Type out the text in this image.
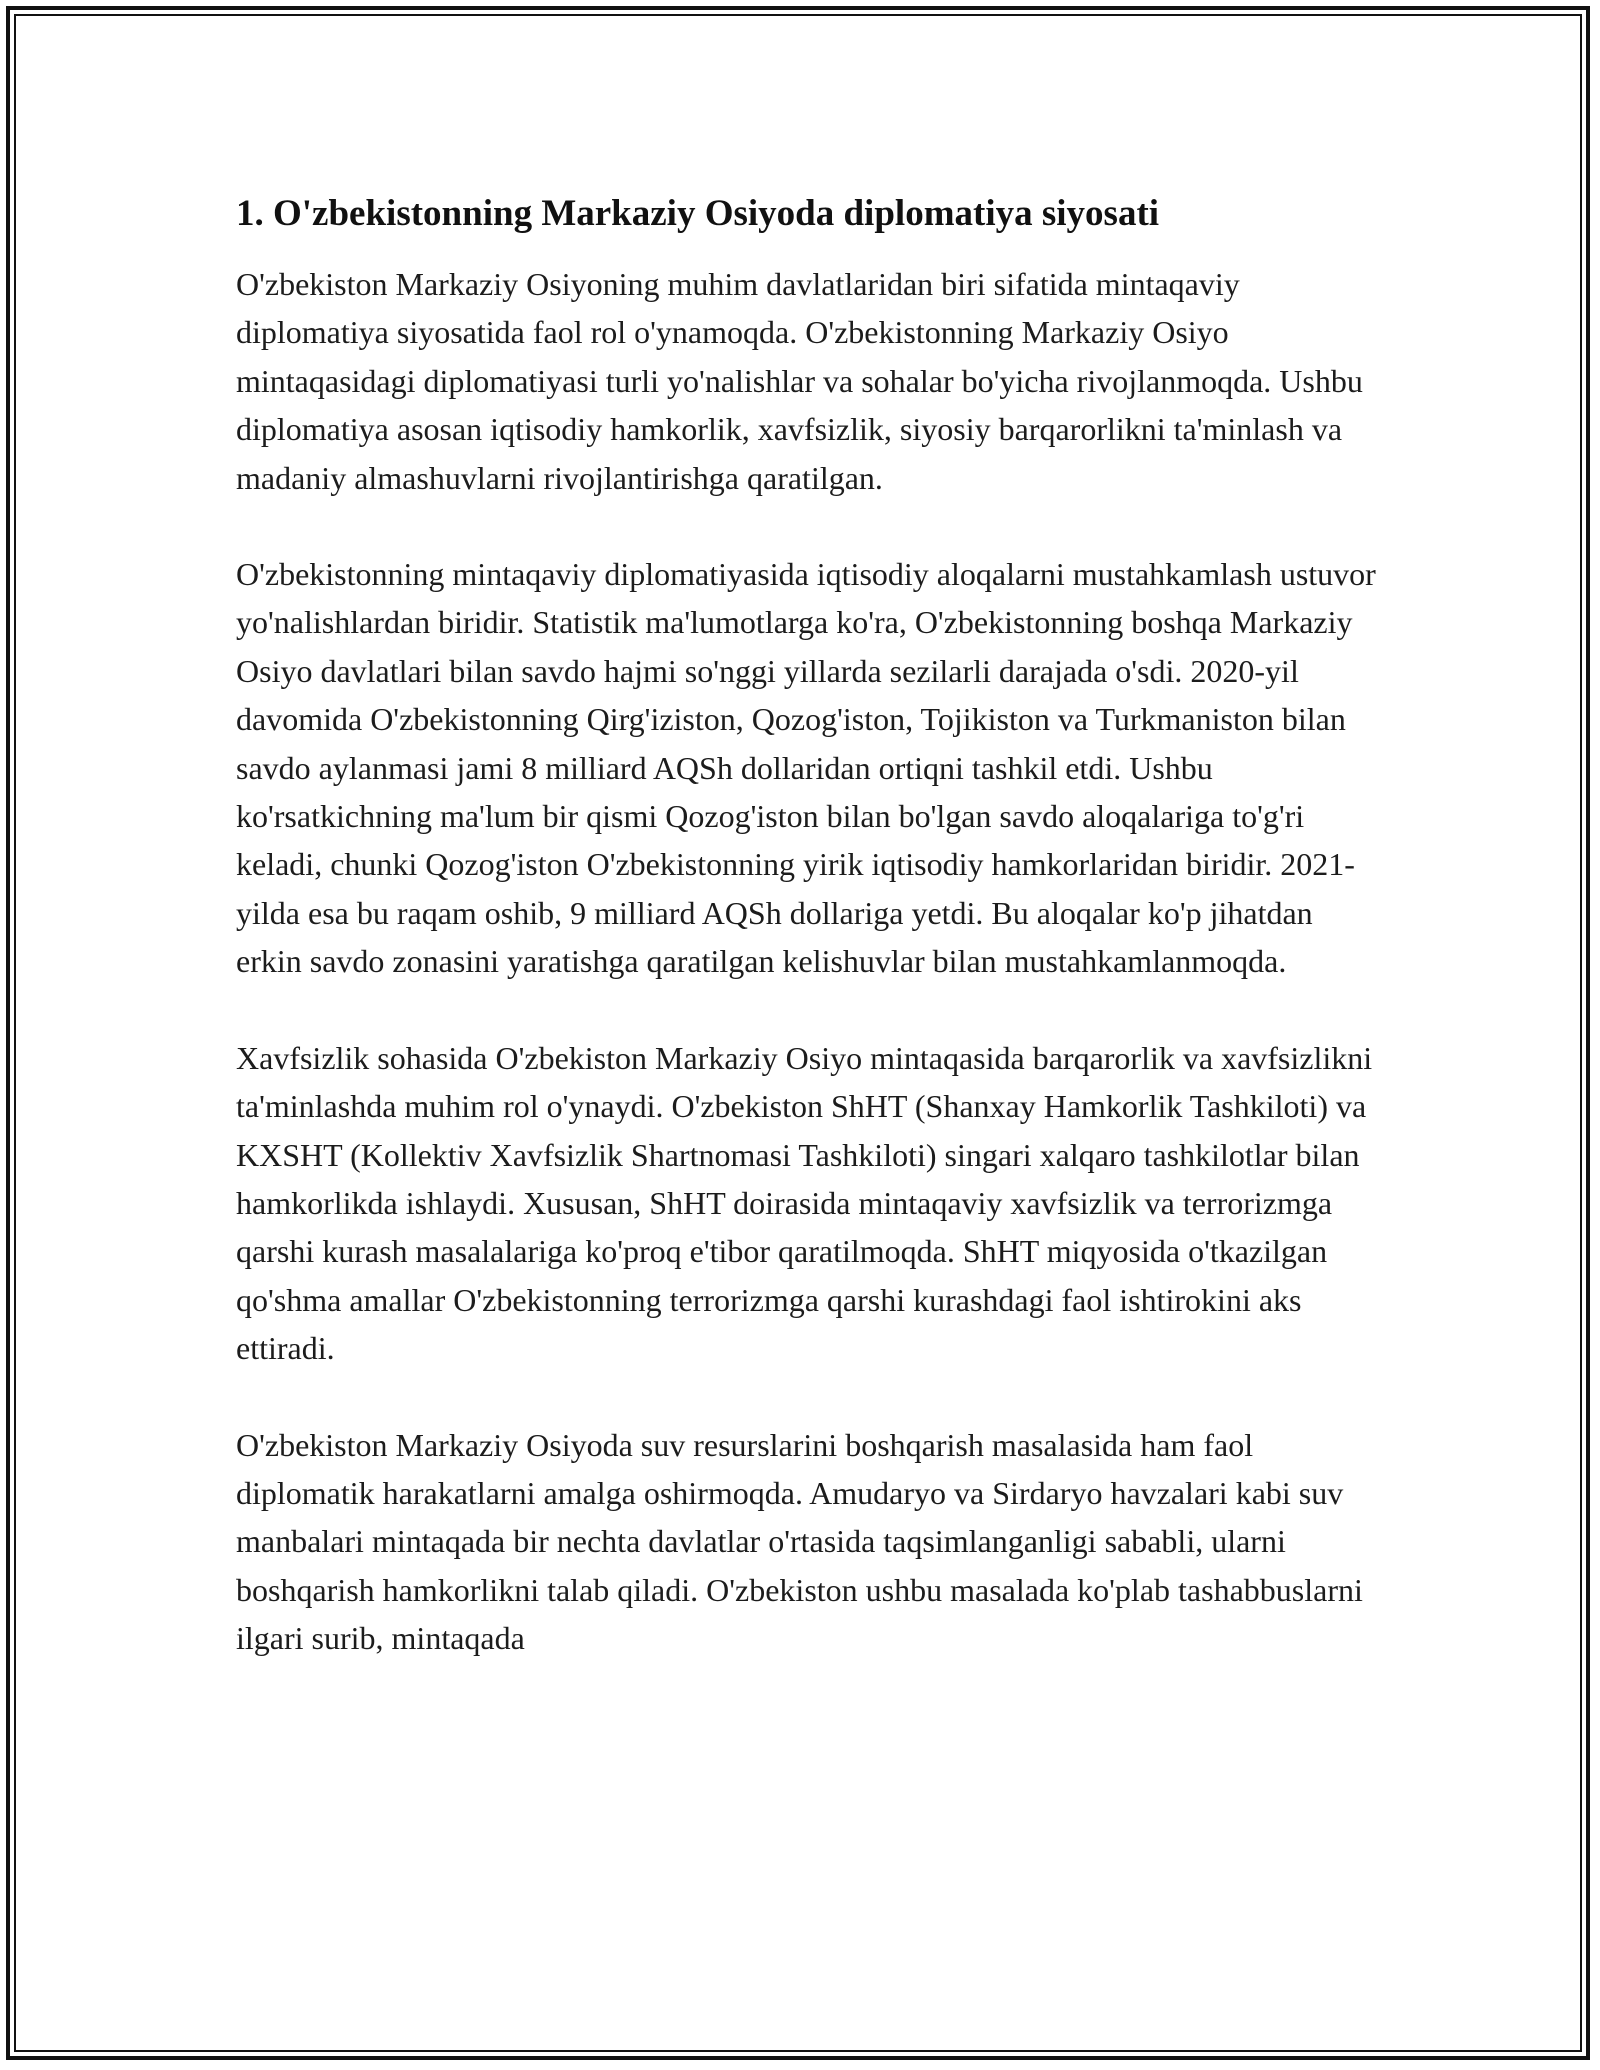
1. O'zbekistonning Markaziy Osiyoda diplomatiya siyosati

O'zbekiston Markaziy Osiyoning muhim davlatlaridan biri sifatida mintaqaviy diplomatiya siyosatida faol rol o'ynamoqda. O'zbekistonning Markaziy Osiyo mintaqasidagi diplomatiyasi turli yo'nalishlar va sohalar bo'yicha rivojlanmoqda. Ushbu diplomatiya asosan iqtisodiy hamkorlik, xavfsizlik, siyosiy barqarorlikni ta'minlash va madaniy almashuvlarni rivojlantirishga qaratilgan.

O'zbekistonning mintaqaviy diplomatiyasida iqtisodiy aloqalarni mustahkamlash ustuvor yo'nalishlardan biridir. Statistik ma'lumotlarga ko'ra, O'zbekistonning boshqa Markaziy Osiyo davlatlari bilan savdo hajmi so'nggi yillarda sezilarli darajada o'sdi. 2020-yil davomida O'zbekistonning Qirg'iziston, Qozog'iston, Tojikiston va Turkmaniston bilan savdo aylanmasi jami 8 milliard AQSh dollaridan ortiqni tashkil etdi. Ushbu ko'rsatkichning ma'lum bir qismi Qozog'iston bilan bo'lgan savdo aloqalariga to'g'ri keladi, chunki Qozog'iston O'zbekistonning yirik iqtisodiy hamkorlaridan biridir. 2021-yilda esa bu raqam oshib, 9 milliard AQSh dollariga yetdi. Bu aloqalar ko'p jihatdan erkin savdo zonasini yaratishga qaratilgan kelishuvlar bilan mustahkamlanmoqda.

Xavfsizlik sohasida O'zbekiston Markaziy Osiyo mintaqasida barqarorlik va xavfsizlikni ta'minlashda muhim rol o'ynaydi. O'zbekiston ShHT (Shanxay Hamkorlik Tashkiloti) va KXSHT (Kollektiv Xavfsizlik Shartnomasi Tashkiloti) singari xalqaro tashkilotlar bilan hamkorlikda ishlaydi. Xususan, ShHT doirasida mintaqaviy xavfsizlik va terrorizmga qarshi kurash masalalariga ko'proq e'tibor qaratilmoqda. ShHT miqyosida o'tkazilgan qo'shma amallar O'zbekistonning terrorizmga qarshi kurashdagi faol ishtirokini aks ettiradi.

O'zbekiston Markaziy Osiyoda suv resurslarini boshqarish masalasida ham faol diplomatik harakatlarni amalga oshirmoqda. Amudaryo va Sirdaryo havzalari kabi suv manbalari mintaqada bir nechta davlatlar o'rtasida taqsimlanganligi sababli, ularni boshqarish hamkorlikni talab qiladi. O'zbekiston ushbu masalada ko'plab tashabbuslarni ilgari surib, mintaqada
